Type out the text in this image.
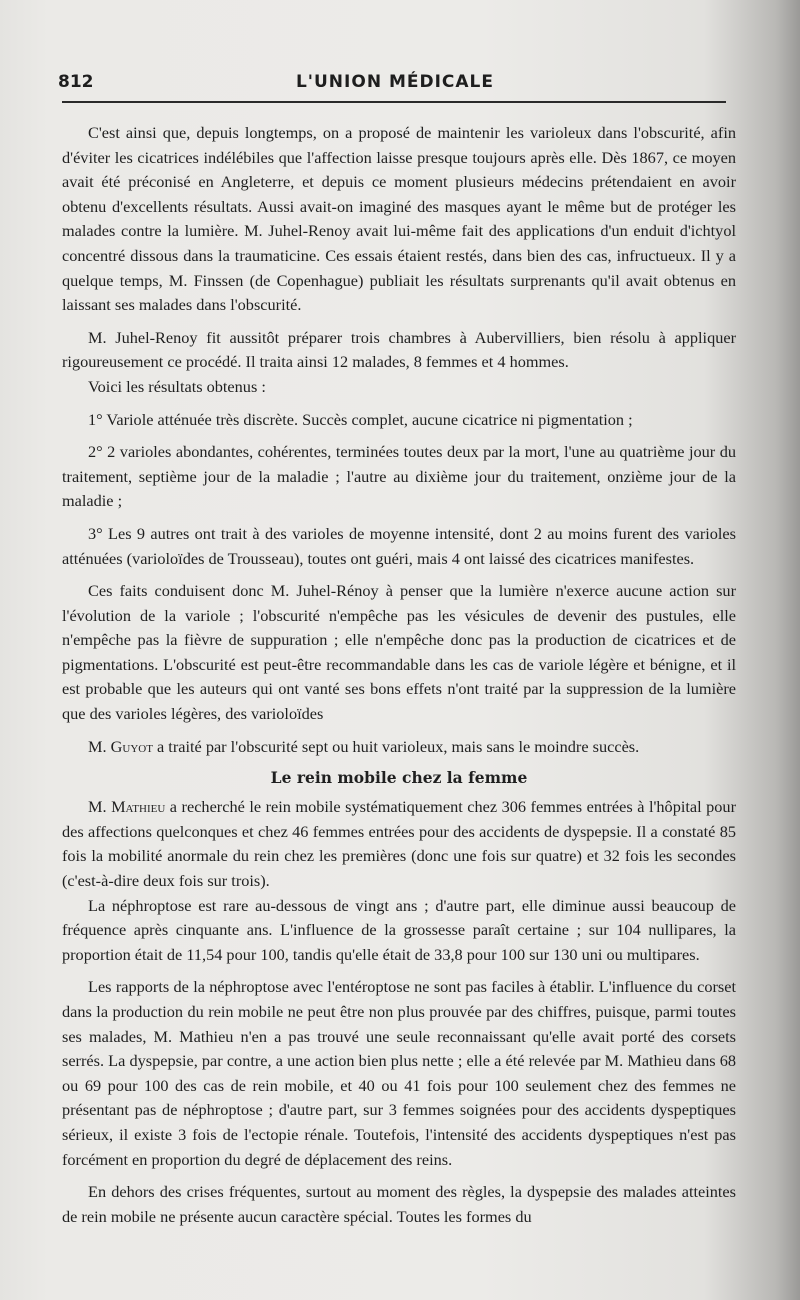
812	L'UNION MÉDICALE

C'est ainsi que, depuis longtemps, on a proposé de maintenir les varioleux dans l'obscurité, afin d'éviter les cicatrices indélébiles que l'affection laisse presque toujours après elle. Dès 1867, ce moyen avait été préconisé en Angleterre, et depuis ce moment plusieurs médecins prétendaient en avoir obtenu d'excellents résultats. Aussi avait-on imaginé des masques ayant le même but de protéger les malades contre la lumière. M. Juhel-Renoy avait lui-même fait des applications d'un enduit d'ichtyol concentré dissous dans la traumaticine. Ces essais étaient restés, dans bien des cas, infructueux. Il y a quelque temps, M. Finssen (de Copenhague) publiait les résultats surprenants qu'il avait obtenus en laissant ses malades dans l'obscurité.

M. Juhel-Renoy fit aussitôt préparer trois chambres à Aubervilliers, bien résolu à appliquer rigoureusement ce procédé. Il traita ainsi 12 malades, 8 femmes et 4 hommes.

Voici les résultats obtenus :

1° Variole atténuée très discrète. Succès complet, aucune cicatrice ni pigmentation ;

2° 2 varioles abondantes, cohérentes, terminées toutes deux par la mort, l'une au quatrième jour du traitement, septième jour de la maladie ; l'autre au dixième jour du traitement, onzième jour de la maladie ;

3° Les 9 autres ont trait à des varioles de moyenne intensité, dont 2 au moins furent des varioles atténuées (varioloïdes de Trousseau), toutes ont guéri, mais 4 ont laissé des cicatrices manifestes.

Ces faits conduisent donc M. Juhel-Rénoy à penser que la lumière n'exerce aucune action sur l'évolution de la variole ; l'obscurité n'empêche pas les vésicules de devenir des pustules, elle n'empêche pas la fièvre de suppuration ; elle n'empêche donc pas la production de cicatrices et de pigmentations. L'obscurité est peut-être recommandable dans les cas de variole légère et bénigne, et il est probable que les auteurs qui ont vanté ses bons effets n'ont traité par la suppression de la lumière que des varioles légères, des varioloïdes

M. Guyot a traité par l'obscurité sept ou huit varioleux, mais sans le moindre succès.

Le rein mobile chez la femme

M. Mathieu a recherché le rein mobile systématiquement chez 306 femmes entrées à l'hôpital pour des affections quelconques et chez 46 femmes entrées pour des accidents de dyspepsie. Il a constaté 85 fois la mobilité anormale du rein chez les premières (donc une fois sur quatre) et 32 fois les secondes (c'est-à-dire deux fois sur trois).

La néphroptose est rare au-dessous de vingt ans ; d'autre part, elle diminue aussi beaucoup de fréquence après cinquante ans. L'influence de la grossesse paraît certaine ; sur 104 nullipares, la proportion était de 11,54 pour 100, tandis qu'elle était de 33,8 pour 100 sur 130 uni ou multipares.

Les rapports de la néphroptose avec l'entéroptose ne sont pas faciles à établir. L'influence du corset dans la production du rein mobile ne peut être non plus prouvée par des chiffres, puisque, parmi toutes ses malades, M. Mathieu n'en a pas trouvé une seule reconnaissant qu'elle avait porté des corsets serrés. La dyspepsie, par contre, a une action bien plus nette ; elle a été relevée par M. Mathieu dans 68 ou 69 pour 100 des cas de rein mobile, et 40 ou 41 fois pour 100 seulement chez des femmes ne présentant pas de néphroptose ; d'autre part, sur 3 femmes soignées pour des accidents dyspeptiques sérieux, il existe 3 fois de l'ectopie rénale. Toutefois, l'intensité des accidents dyspeptiques n'est pas forcément en proportion du degré de déplacement des reins.

En dehors des crises fréquentes, surtout au moment des règles, la dyspepsie des malades atteintes de rein mobile ne présente aucun caractère spécial. Toutes les formes du
